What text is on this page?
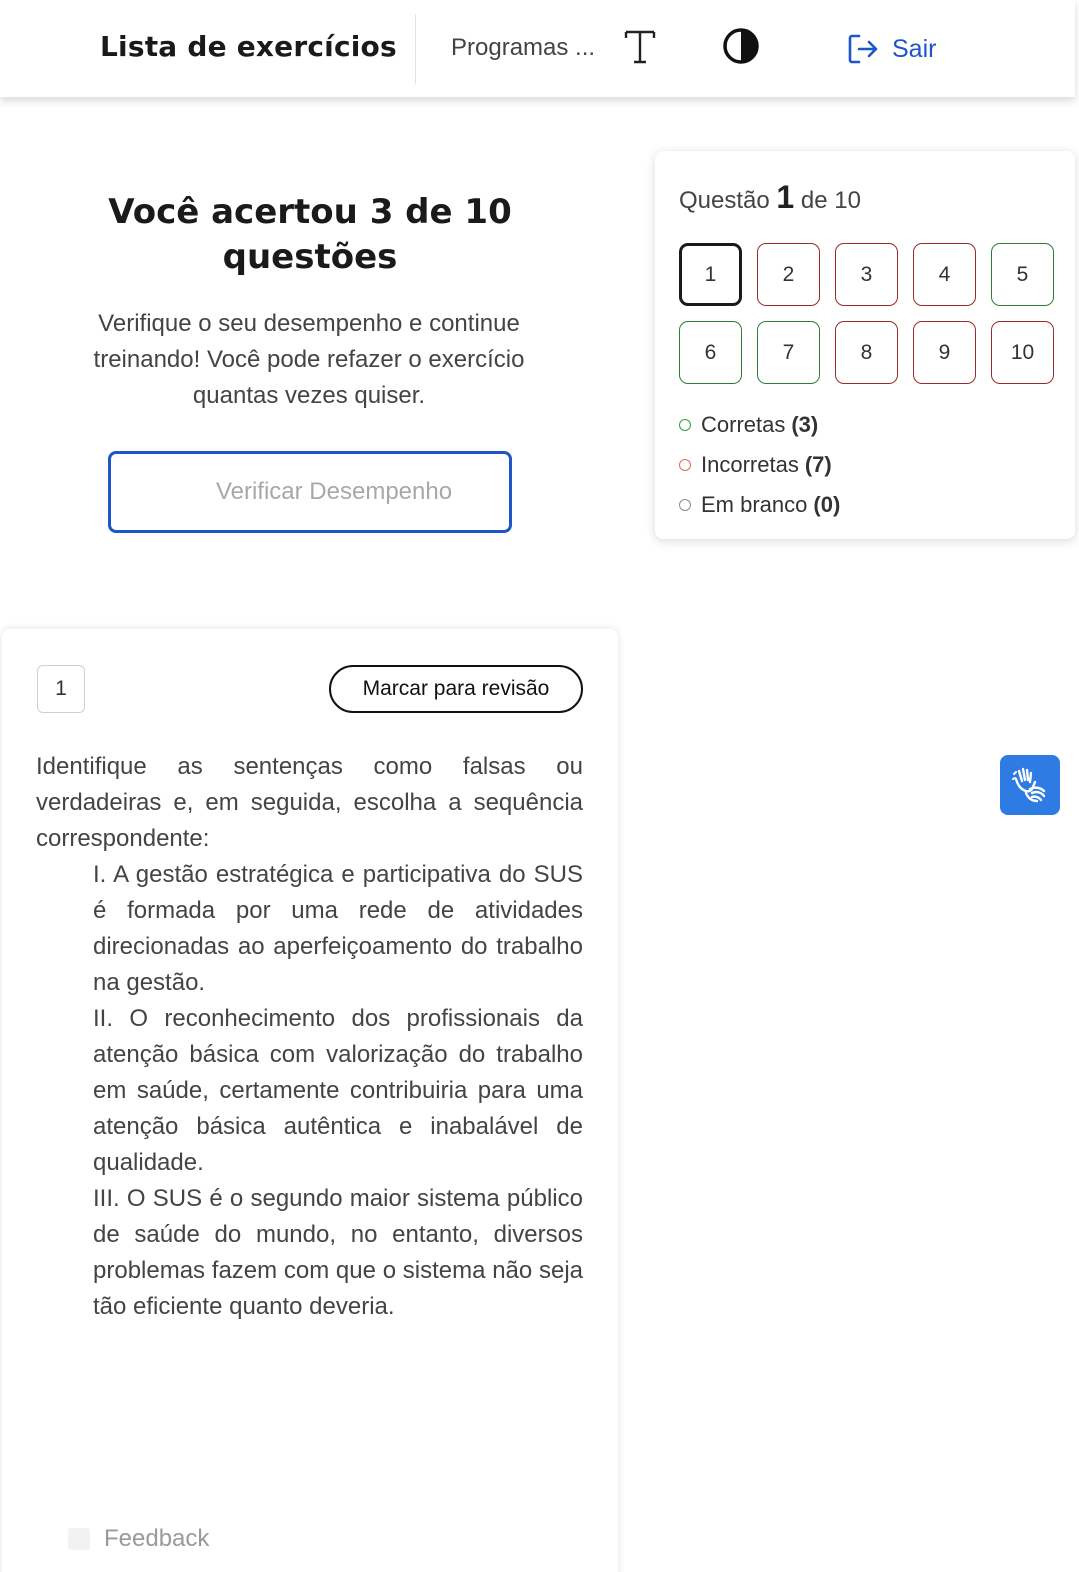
Lista de exercícios Programas ...	Sair
Você acertou 3 de 10 questões
Verifique o seu desempenho e continue treinando! Você pode refazer o exercício quantas vezes quiser.
Verificar Desempenho
Questão 1 de 10
1	2	3	4	5
6	7	8	9	10
Corretas (3)
Incorretas (7)
Em branco (0)
1	Marcar para revisão
Identifique as sentenças como falsas ou verdadeiras e, em seguida, escolha a sequência correspondente:

I. A gestão estratégica e participativa do SUS é formada por uma rede de atividades direcionadas ao aperfeiçoamento do trabalho na gestão.

II. O reconhecimento dos profissionais da atenção básica com valorização do trabalho em saúde, certamente contribuiria para uma atenção básica autêntica e inabalável de qualidade.

III. O SUS é o segundo maior sistema público de saúde do mundo, no entanto, diversos problemas fazem com que o sistema não seja tão eficiente quanto deveria.

Feedback
